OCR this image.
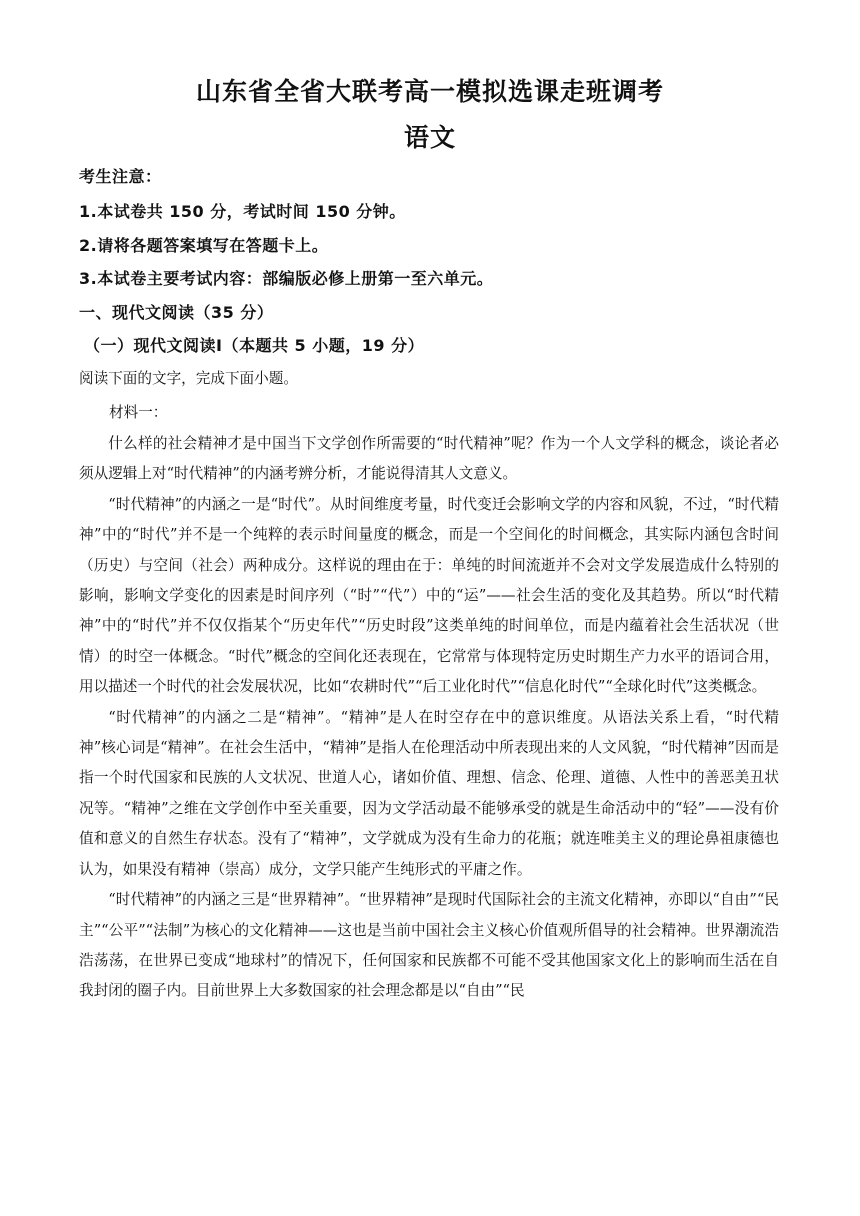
山东省全省大联考高一模拟选课走班调考
语文
考生注意：
1.本试卷共 150 分，考试时间 150 分钟。
2.请将各题答案填写在答题卡上。
3.本试卷主要考试内容：部编版必修上册第一至六单元。
一、现代文阅读（35 分）
（一）现代文阅读Ⅰ（本题共 5 小题，19 分）
阅读下面的文字，完成下面小题。
材料一：

什么样的社会精神才是中国当下文学创作所需要的“时代精神”呢？作为一个人文学科的概念，谈论者必须从逻辑上对“时代精神”的内涵考辨分析，才能说得清其人文意义。

“时代精神”的内涵之一是“时代”。从时间维度考量，时代变迁会影响文学的内容和风貌，不过，“时代精神”中的“时代”并不是一个纯粹的表示时间量度的概念，而是一个空间化的时间概念，其实际内涵包含时间（历史）与空间（社会）两种成分。这样说的理由在于：单纯的时间流逝并不会对文学发展造成什么特别的影响，影响文学变化的因素是时间序列（“时”“代”）中的“运”——社会生活的变化及其趋势。所以“时代精神”中的“时代”并不仅仅指某个“历史年代”“历史时段”这类单纯的时间单位，而是内蕴着社会生活状况（世情）的时空一体概念。“时代”概念的空间化还表现在，它常常与体现特定历史时期生产力水平的语词合用，用以描述一个时代的社会发展状况，比如“农耕时代”“后工业化时代”“信息化时代”“全球化时代”这类概念。

“时代精神”的内涵之二是“精神”。“精神”是人在时空存在中的意识维度。从语法关系上看，“时代精神”核心词是“精神”。在社会生活中，“精神”是指人在伦理活动中所表现出来的人文风貌，“时代精神”因而是指一个时代国家和民族的人文状况、世道人心，诸如价值、理想、信念、伦理、道德、人性中的善恶美丑状况等。“精神”之维在文学创作中至关重要，因为文学活动最不能够承受的就是生命活动中的“轻”——没有价值和意义的自然生存状态。没有了“精神”，文学就成为没有生命力的花瓶；就连唯美主义的理论鼻祖康德也认为，如果没有精神（崇高）成分，文学只能产生纯形式的平庸之作。

“时代精神”的内涵之三是“世界精神”。“世界精神”是现时代国际社会的主流文化精神，亦即以“自由”“民主”“公平”“法制”为核心的文化精神——这也是当前中国社会主义核心价值观所倡导的社会精神。世界潮流浩浩荡荡，在世界已变成“地球村”的情况下，任何国家和民族都不可能不受其他国家文化上的影响而生活在自我封闭的圈子内。目前世界上大多数国家的社会理念都是以“自由”“民
